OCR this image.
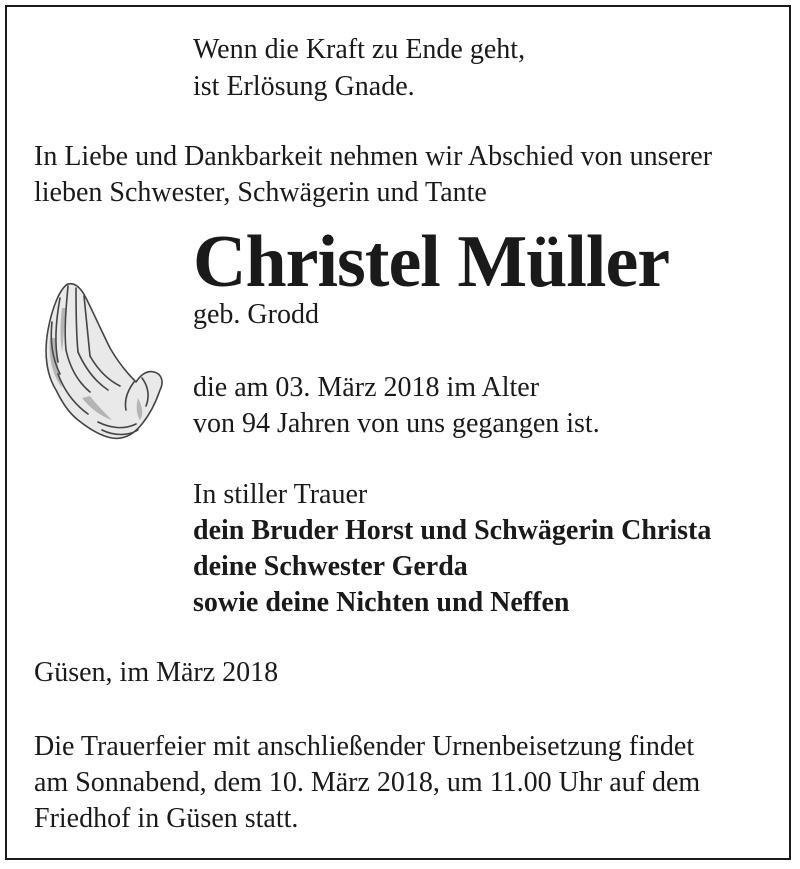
Wenn die Kraft zu Ende geht,
ist Erlösung Gnade.
In Liebe und Dankbarkeit nehmen wir Abschied von unserer
lieben Schwester, Schwägerin und Tante
Christel Müller
geb. Grodd
die am 03. März 2018 im Alter
von 94 Jahren von uns gegangen ist.
In stiller Trauer
dein Bruder Horst und Schwägerin Christa
deine Schwester Gerda
sowie deine Nichten und Neffen
Güsen, im März 2018
Die Trauerfeier mit anschließender Urnenbeisetzung findet
am Sonnabend, dem 10. März 2018, um 11.00 Uhr auf dem
Friedhof in Güsen statt.
